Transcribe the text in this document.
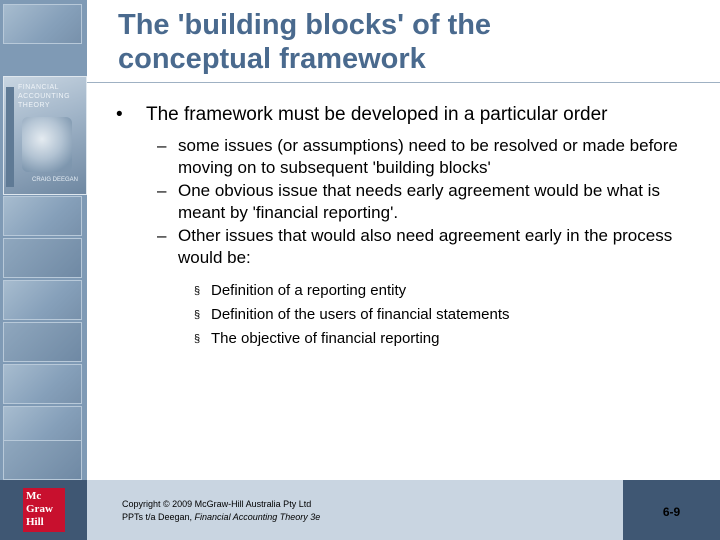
FINANCIAL
ACCOUNTING
THEORY
CRAIG DEEGAN
Mc
Graw
Hill
The 'building blocks' of the
conceptual framework
• The framework must be developed in a particular order
– some issues (or assumptions) need to be resolved or made before moving on to subsequent 'building blocks'
– One obvious issue that needs early agreement would be what is meant by 'financial reporting'.
– Other issues that would also need agreement early in the process would be:
§ Definition of a reporting entity
§ Definition of the users of financial statements
§ The objective of financial reporting
Copyright © 2009 McGraw-Hill Australia Pty Ltd
PPTs t/a Deegan, Financial Accounting Theory 3e	6-9
